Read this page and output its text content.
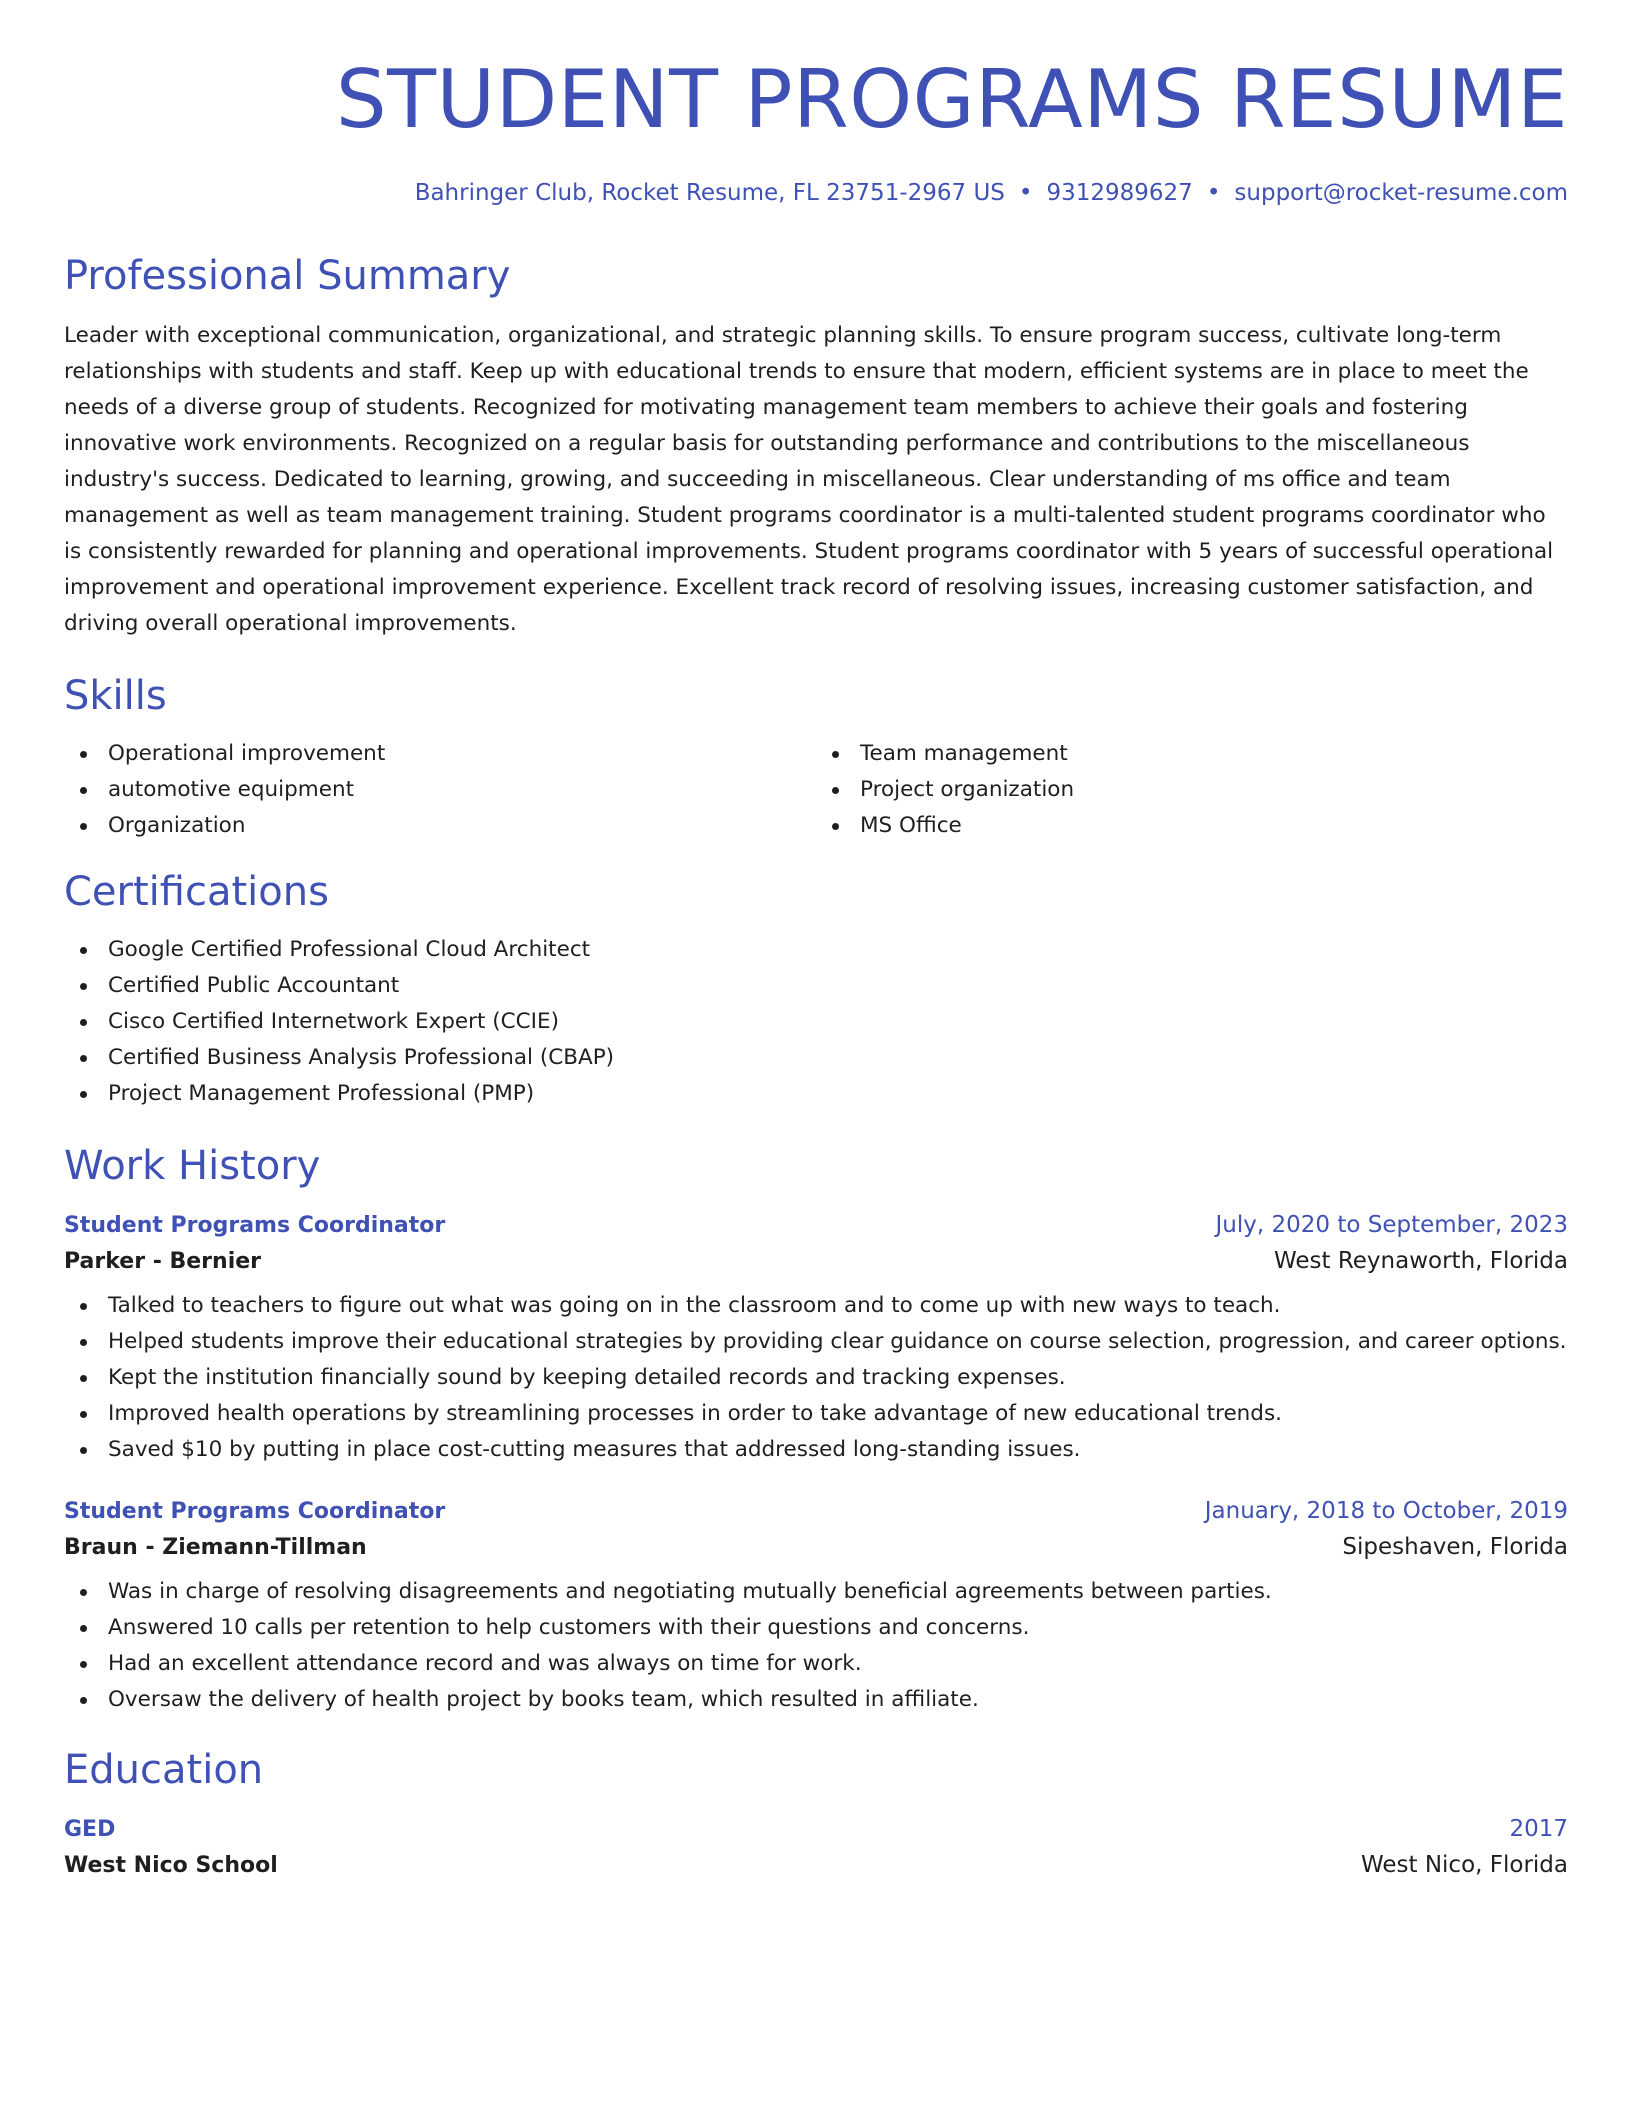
STUDENT PROGRAMS RESUME
Bahringer Club, Rocket Resume, FL 23751-2967 US • 9312989627 • support@rocket-resume.com
Professional Summary

Leader with exceptional communication, organizational, and strategic planning skills. To ensure program success, cultivate long-term relationships with students and staff. Keep up with educational trends to ensure that modern, efficient systems are in place to meet the needs of a diverse group of students. Recognized for motivating management team members to achieve their goals and fostering innovative work environments. Recognized on a regular basis for outstanding performance and contributions to the miscellaneous industry's success. Dedicated to learning, growing, and succeeding in miscellaneous. Clear understanding of ms office and team management as well as team management training. Student programs coordinator is a multi-talented student programs coordinator who is consistently rewarded for planning and operational improvements. Student programs coordinator with 5 years of successful operational improvement and operational improvement experience. Excellent track record of resolving issues, increasing customer satisfaction, and driving overall operational improvements.

Skills
Operational improvement
automotive equipment
Organization
Team management
Project organization
MS Office
Certifications
Google Certified Professional Cloud Architect
Certified Public Accountant
Cisco Certified Internetwork Expert (CCIE)
Certified Business Analysis Professional (CBAP)
Project Management Professional (PMP)
Work History
Student Programs Coordinator	July, 2020 to September, 2023
Parker - Bernier	West Reynaworth, Florida
Talked to teachers to figure out what was going on in the classroom and to come up with new ways to teach.
Helped students improve their educational strategies by providing clear guidance on course selection, progression, and career options.
Kept the institution financially sound by keeping detailed records and tracking expenses.
Improved health operations by streamlining processes in order to take advantage of new educational trends.
Saved $10 by putting in place cost-cutting measures that addressed long-standing issues.
Student Programs Coordinator	January, 2018 to October, 2019
Braun - Ziemann-Tillman	Sipeshaven, Florida
Was in charge of resolving disagreements and negotiating mutually beneficial agreements between parties.
Answered 10 calls per retention to help customers with their questions and concerns.
Had an excellent attendance record and was always on time for work.
Oversaw the delivery of health project by books team, which resulted in affiliate.
Education
GED	2017
West Nico School	West Nico, Florida
